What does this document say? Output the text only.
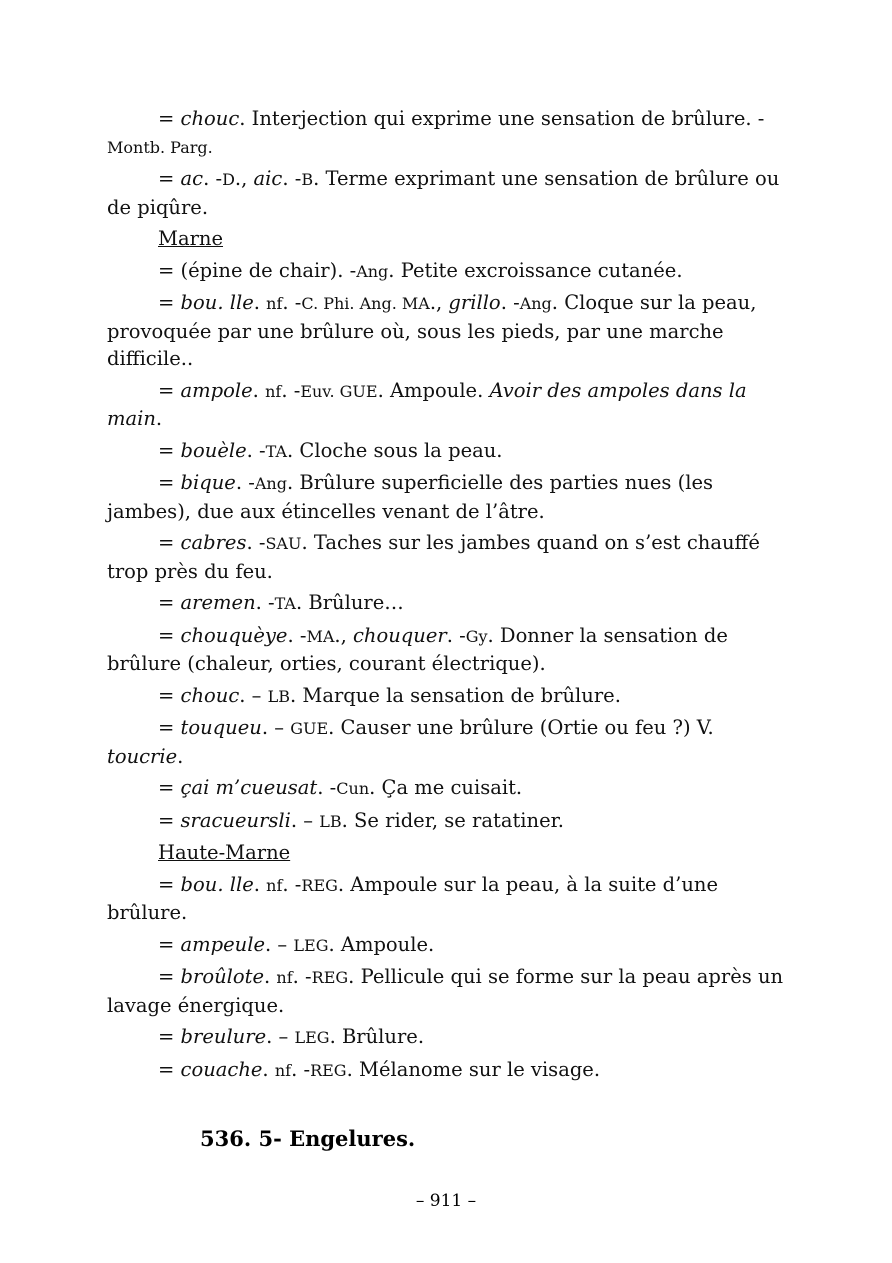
= chouc. Interjection qui exprime une sensation de brûlure. -Montb. Parg.

= ac. -D., aic. -B. Terme exprimant une sensation de brûlure ou de piqûre.

Marne

= (épine de chair). -Ang. Petite excroissance cutanée.

= bou. lle. nf. -C. Phi. Ang. MA., grillo. -Ang. Cloque sur la peau, provoquée par une brûlure où, sous les pieds, par une marche difficile..

= ampole. nf. -Euv. GUE. Ampoule. Avoir des ampoles dans la main.

= bouèle. -TA. Cloche sous la peau.

= bique. -Ang. Brûlure superficielle des parties nues (les jambes), due aux étincelles venant de l’âtre.

= cabres. -SAU. Taches sur les jambes quand on s’est chauffé trop près du feu.

= aremen. -TA. Brûlure…

= chouquèye. -MA., chouquer. -Gy. Donner la sensation de brûlure (chaleur, orties, courant électrique).

= chouc. – LB. Marque la sensation de brûlure.

= touqueu. – GUE. Causer une brûlure (Ortie ou feu ?) V. toucrie.

= çai m’cueusat. -Cun. Ça me cuisait.

= sracueursli. – LB. Se rider, se ratatiner.

Haute-Marne

= bou. lle. nf. -REG. Ampoule sur la peau, à la suite d’une brûlure.

= ampeule. – LEG. Ampoule.

= broûlote. nf. -REG. Pellicule qui se forme sur la peau après un lavage énergique.

= breulure. – LEG. Brûlure.

= couache. nf. -REG. Mélanome sur le visage.

536. 5- Engelures.
– 911 –
